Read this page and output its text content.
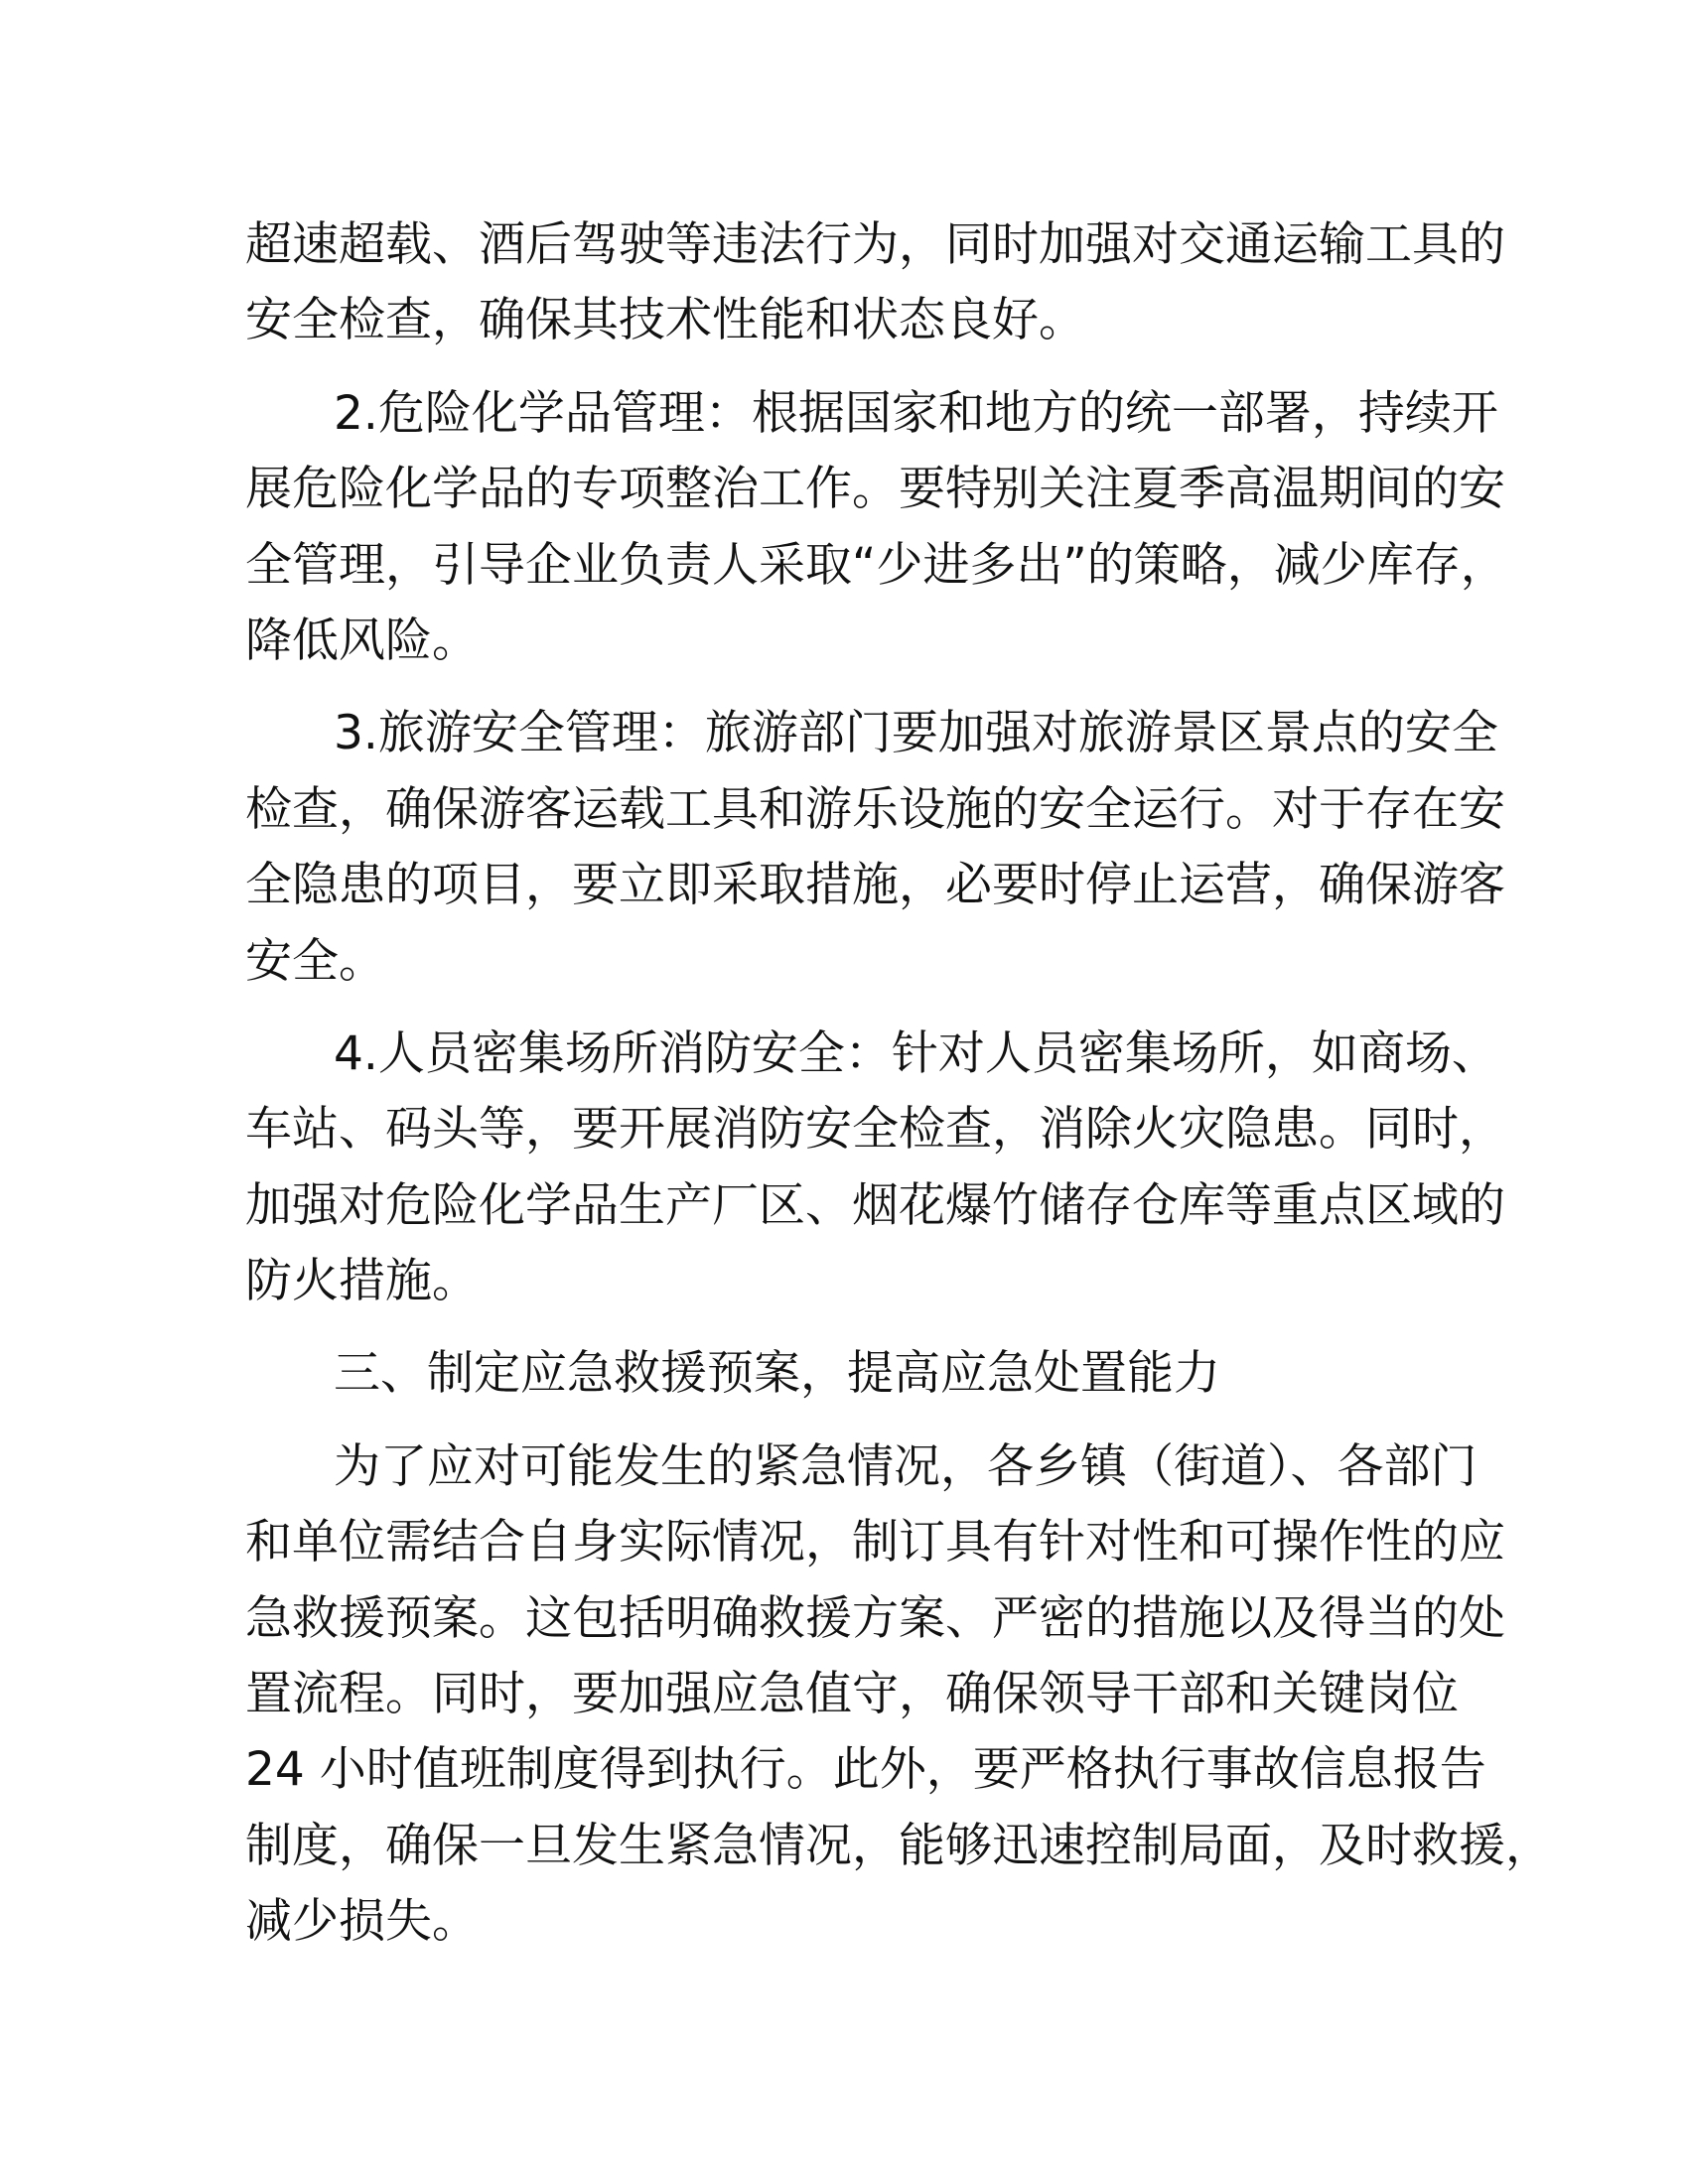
超速超载、酒后驾驶等违法行为，同时加强对交通运输工具的
安全检查，确保其技术性能和状态良好。
2.危险化学品管理：根据国家和地方的统一部署，持续开
展危险化学品的专项整治工作。要特别关注夏季高温期间的安
全管理，引导企业负责人采取“少进多出”的策略，减少库存，
降低风险。
3.旅游安全管理：旅游部门要加强对旅游景区景点的安全
检查，确保游客运载工具和游乐设施的安全运行。对于存在安
全隐患的项目，要立即采取措施，必要时停止运营，确保游客
安全。
4.人员密集场所消防安全：针对人员密集场所，如商场、
车站、码头等，要开展消防安全检查，消除火灾隐患。同时，
加强对危险化学品生产厂区、烟花爆竹储存仓库等重点区域的
防火措施。
三、制定应急救援预案，提高应急处置能力
为了应对可能发生的紧急情况，各乡镇（街道）、各部门
和单位需结合自身实际情况，制订具有针对性和可操作性的应
急救援预案。这包括明确救援方案、严密的措施以及得当的处
置流程。同时，要加强应急值守，确保领导干部和关键岗位
24 小时值班制度得到执行。此外，要严格执行事故信息报告
制度，确保一旦发生紧急情况，能够迅速控制局面，及时救援，
减少损失。
